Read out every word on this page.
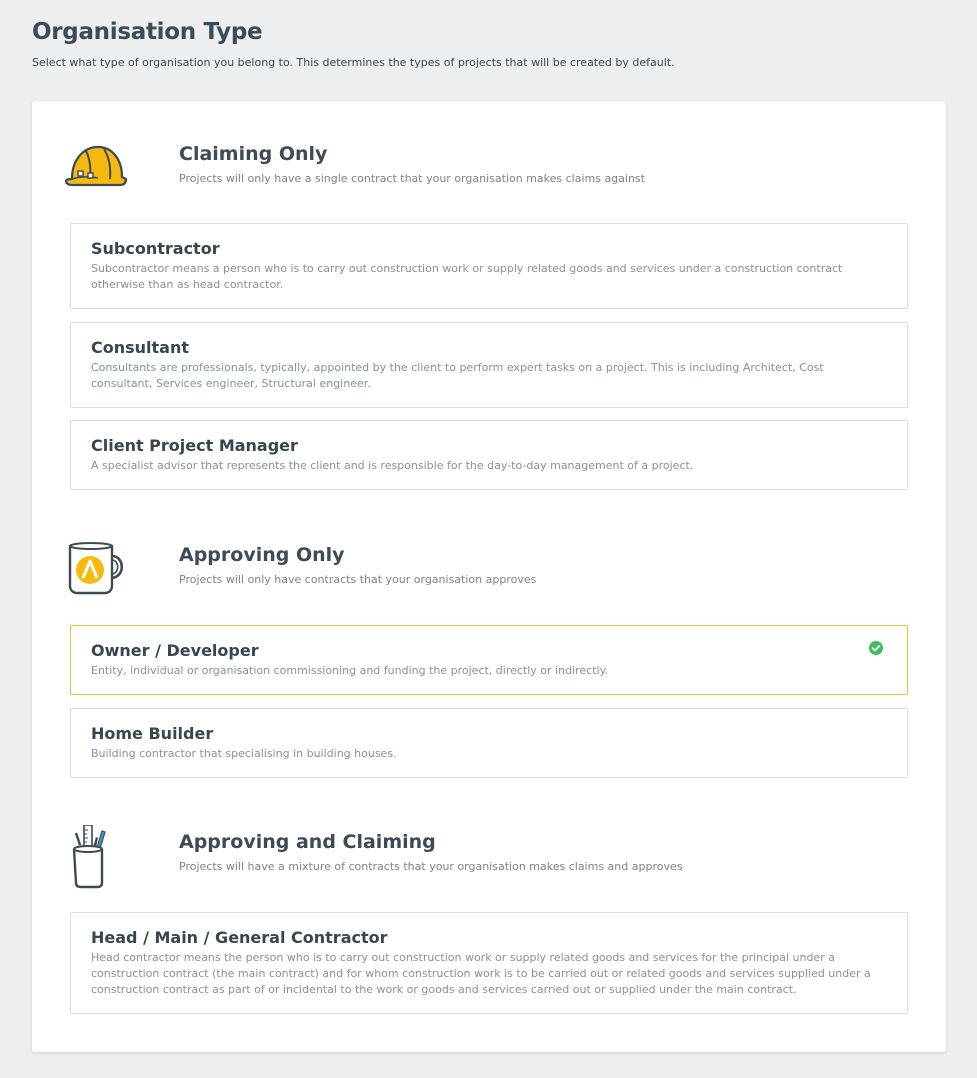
Organisation Type
Select what type of organisation you belong to. This determines the types of projects that will be created by default.
Claiming Only
Projects will only have a single contract that your organisation makes claims against
Subcontractor
Subcontractor means a person who is to carry out construction work or supply related goods and services under a construction contract otherwise than as head contractor.
Consultant
Consultants are professionals, typically, appointed by the client to perform expert tasks on a project. This is including Architect, Cost consultant, Services engineer, Structural engineer.
Client Project Manager
A specialist advisor that represents the client and is responsible for the day-to-day management of a project.
Approving Only
Projects will only have contracts that your organisation approves
Owner / Developer
Entity, individual or organisation commissioning and funding the project, directly or indirectly.
Home Builder
Building contractor that specialising in building houses.
Approving and Claiming
Projects will have a mixture of contracts that your organisation makes claims and approves
Head / Main / General Contractor
Head contractor means the person who is to carry out construction work or supply related goods and services for the principal under a construction contract (the main contract) and for whom construction work is to be carried out or related goods and services supplied under a construction contract as part of or incidental to the work or goods and services carried out or supplied under the main contract.
